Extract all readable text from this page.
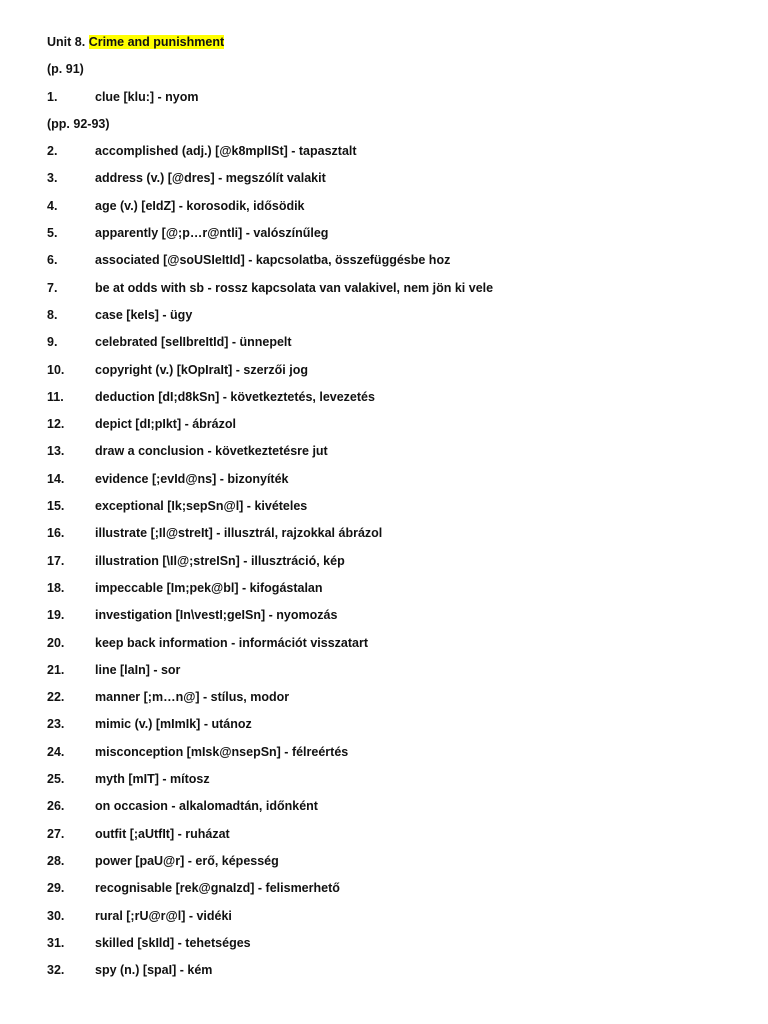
Unit 8. Crime and punishment
(p. 91)
1.	clue [klu:] - nyom
(pp. 92-93)
2.	accomplished (adj.) [@k8mplISt] - tapasztalt
3.	address (v.) [@dres] - megszólít valakit
4.	age (v.) [eIdZ] - korosodik, idősödik
5.	apparently [@;p…r@ntli] - valószínűleg
6.	associated [@soUSIeItId] - kapcsolatba, összefüggésbe hoz
7.	be at odds with sb - rossz kapcsolata van valakivel, nem jön ki vele
8.	case [keIs] - ügy
9.	celebrated [selIbreItId] - ünnepelt
10. copyright (v.) [kOpIraIt] - szerzői jog
11.	deduction [dI;d8kSn] - következtetés, levezetés
12. depict [dI;pIkt] - ábrázol
13. draw a conclusion - következtetésre jut
14. evidence [;evId@ns] - bizonyíték
15. exceptional [Ik;sepSn@l] - kivételes
16. illustrate [;Il@streIt] - illusztrál, rajzokkal ábrázol
17. illustration [\Il@;streISn] - illusztráció, kép
18. impeccable [Im;pek@bl] - kifogástalan
19. investigation [In\vestI;geISn] - nyomozás
20. keep back information - információt visszatart
21. line [laIn] - sor
22. manner [;m…n@] - stílus, modor
23. mimic (v.) [mImIk] - utánoz
24. misconception [mIsk@nsepSn] - félreértés
25. myth [mIT] - mítosz
26. on occasion - alkalomadtán, időnként
27. outfit [;aUtfIt] - ruházat
28. power [paU@r] - erő, képesség
29. recognisable [rek@gnaIzd] - felismerhető
30. rural [;rU@r@l] - vidéki
31. skilled [skIld] - tehetséges
32. spy (n.) [spaI] - kém
